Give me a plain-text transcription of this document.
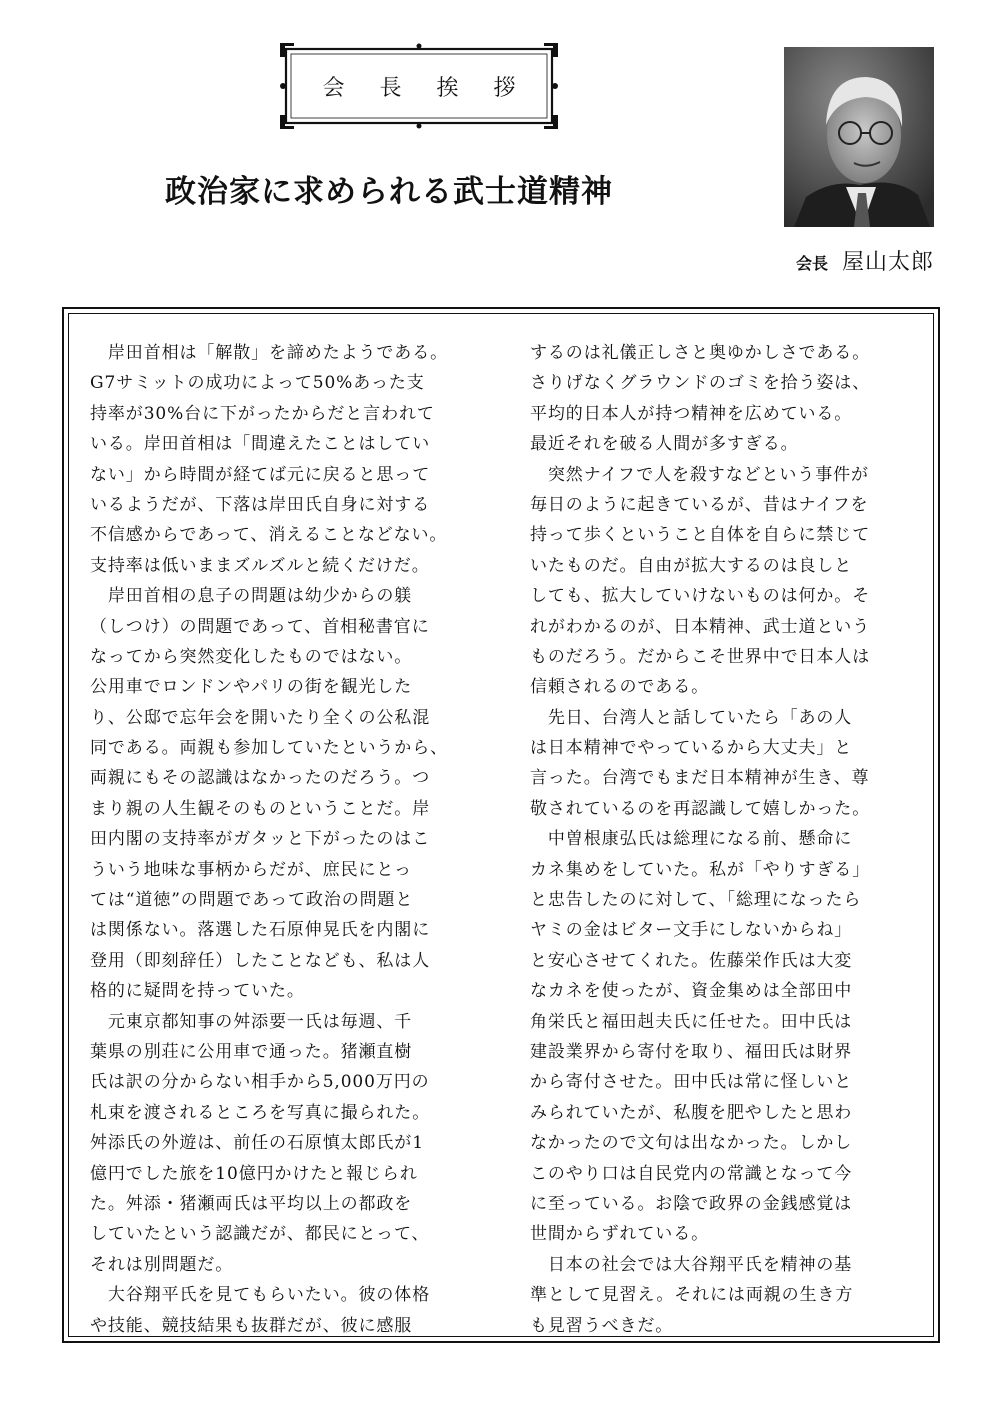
会 長 挨 拶
政治家に求められる武士道精神
会長 屋山太郎
　岸田首相は「解散」を諦めたようである。
G7サミットの成功によって50%あった支
持率が30%台に下がったからだと言われて
いる。岸田首相は「間違えたことはしてい
ない」から時間が経てば元に戻ると思って
いるようだが、下落は岸田氏自身に対する
不信感からであって、消えることなどない。
支持率は低いままズルズルと続くだけだ。
　岸田首相の息子の問題は幼少からの躾
（しつけ）の問題であって、首相秘書官に
なってから突然変化したものではない。
公用車でロンドンやパリの街を観光した
り、公邸で忘年会を開いたり全くの公私混
同である。両親も参加していたというから、
両親にもその認識はなかったのだろう。つ
まり親の人生観そのものということだ。岸
田内閣の支持率がガタッと下がったのはこ
ういう地味な事柄からだが、庶民にとっ
ては“道徳”の問題であって政治の問題と
は関係ない。落選した石原伸晃氏を内閣に
登用（即刻辞任）したことなども、私は人
格的に疑問を持っていた。
　元東京都知事の舛添要一氏は毎週、千
葉県の別荘に公用車で通った。猪瀬直樹
氏は訳の分からない相手から5,000万円の
札束を渡されるところを写真に撮られた。
舛添氏の外遊は、前任の石原慎太郎氏が1
億円でした旅を10億円かけたと報じられ
た。舛添・猪瀬両氏は平均以上の都政を
していたという認識だが、都民にとって、
それは別問題だ。
　大谷翔平氏を見てもらいたい。彼の体格
や技能、競技結果も抜群だが、彼に感服
するのは礼儀正しさと奥ゆかしさである。
さりげなくグラウンドのゴミを拾う姿は、
平均的日本人が持つ精神を広めている。
最近それを破る人間が多すぎる。
　突然ナイフで人を殺すなどという事件が
毎日のように起きているが、昔はナイフを
持って歩くということ自体を自らに禁じて
いたものだ。自由が拡大するのは良しと
しても、拡大していけないものは何か。そ
れがわかるのが、日本精神、武士道という
ものだろう。だからこそ世界中で日本人は
信頼されるのである。
　先日、台湾人と話していたら「あの人
は日本精神でやっているから大丈夫」と
言った。台湾でもまだ日本精神が生き、尊
敬されているのを再認識して嬉しかった。
　中曽根康弘氏は総理になる前、懸命に
カネ集めをしていた。私が「やりすぎる」
と忠告したのに対して、「総理になったら
ヤミの金はビター文手にしないからね」
と安心させてくれた。佐藤栄作氏は大変
なカネを使ったが、資金集めは全部田中
角栄氏と福田赳夫氏に任せた。田中氏は
建設業界から寄付を取り、福田氏は財界
から寄付させた。田中氏は常に怪しいと
みられていたが、私腹を肥やしたと思わ
なかったので文句は出なかった。しかし
このやり口は自民党内の常識となって今
に至っている。お陰で政界の金銭感覚は
世間からずれている。
　日本の社会では大谷翔平氏を精神の基
準として見習え。それには両親の生き方
も見習うべきだ。
